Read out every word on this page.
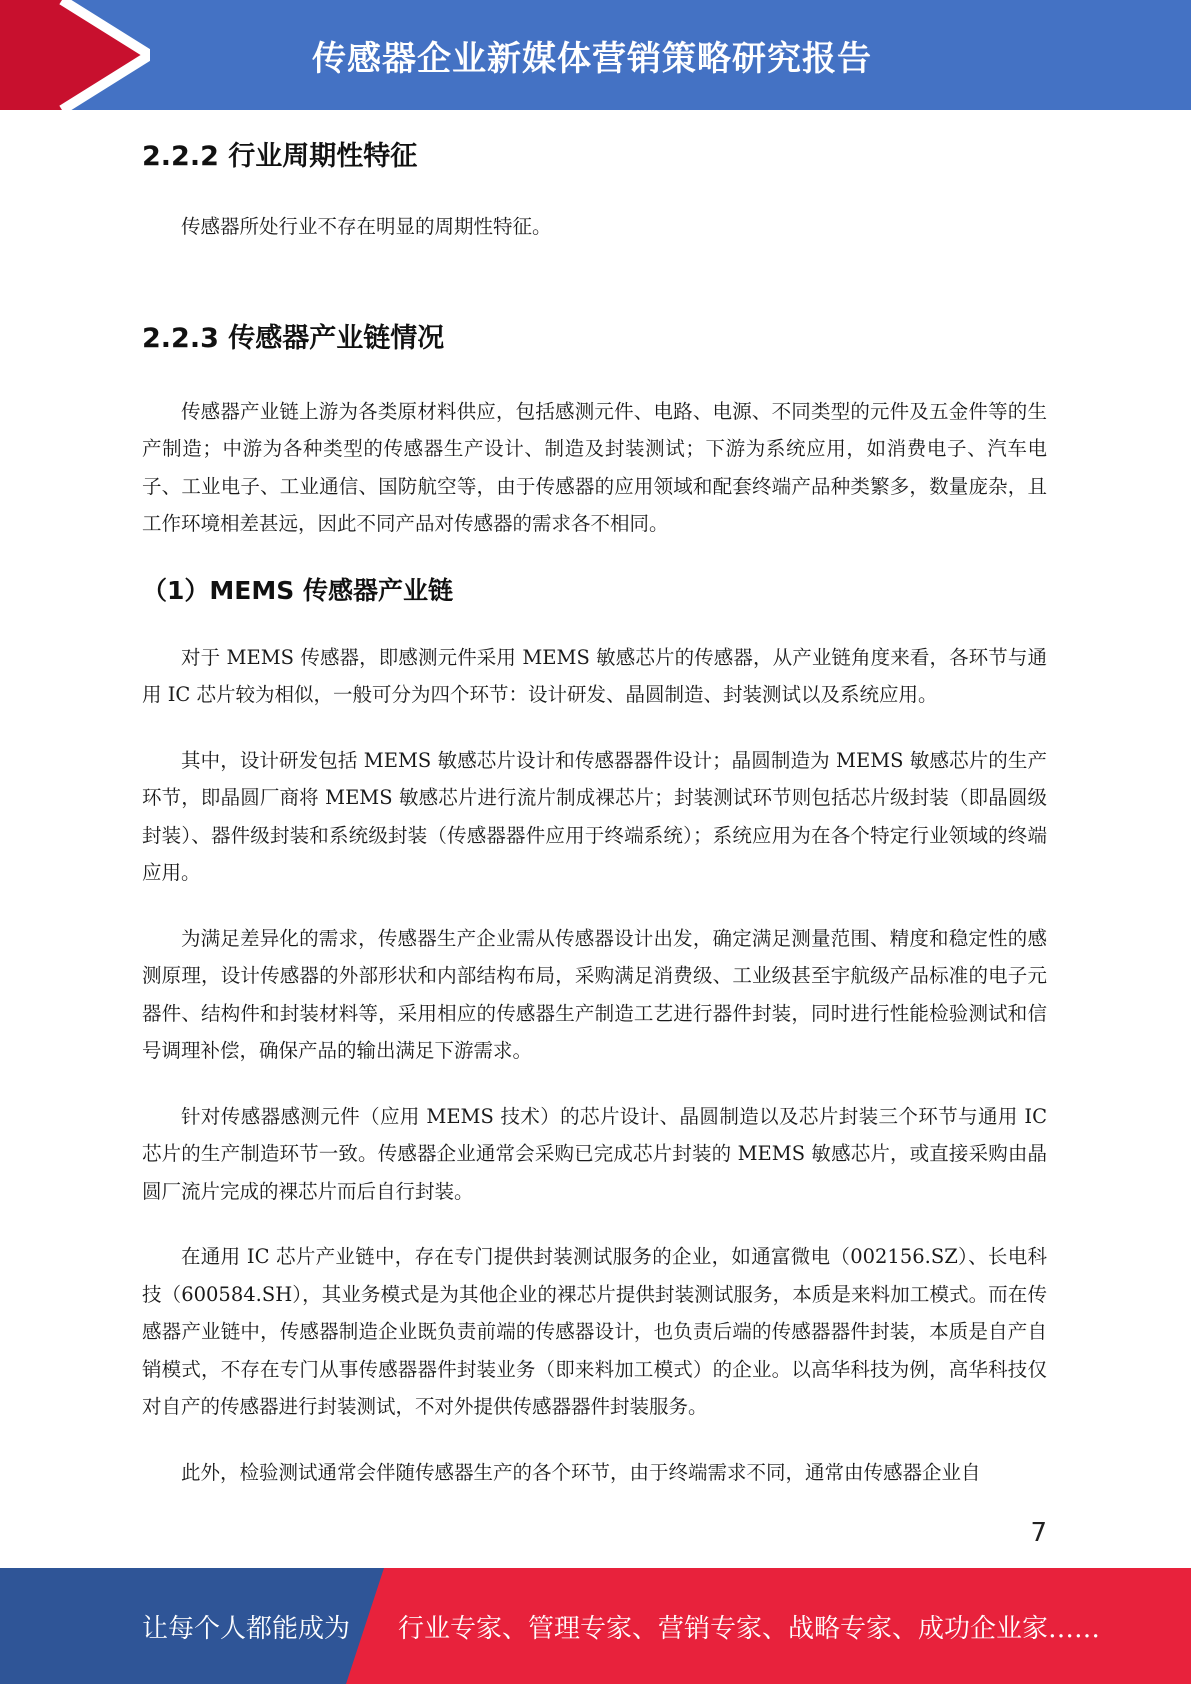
传感器企业新媒体营销策略研究报告
2.2.2 行业周期性特征

传感器所处行业不存在明显的周期性特征。

2.2.3 传感器产业链情况

传感器产业链上游为各类原材料供应，包括感测元件、电路、电源、不同类型的元件及五金件等的生产制造；中游为各种类型的传感器生产设计、制造及封装测试；下游为系统应用，如消费电子、汽车电子、工业电子、工业通信、国防航空等，由于传感器的应用领域和配套终端产品种类繁多，数量庞杂，且工作环境相差甚远，因此不同产品对传感器的需求各不相同。

（1）MEMS 传感器产业链

对于 MEMS 传感器，即感测元件采用 MEMS 敏感芯片的传感器，从产业链角度来看，各环节与通用 IC 芯片较为相似，一般可分为四个环节：设计研发、晶圆制造、封装测试以及系统应用。

其中，设计研发包括 MEMS 敏感芯片设计和传感器器件设计；晶圆制造为 MEMS 敏感芯片的生产环节，即晶圆厂商将 MEMS 敏感芯片进行流片制成裸芯片；封装测试环节则包括芯片级封装（即晶圆级封装）、器件级封装和系统级封装（传感器器件应用于终端系统）；系统应用为在各个特定行业领域的终端应用。

为满足差异化的需求，传感器生产企业需从传感器设计出发，确定满足测量范围、精度和稳定性的感测原理，设计传感器的外部形状和内部结构布局，采购满足消费级、工业级甚至宇航级产品标准的电子元器件、结构件和封装材料等，采用相应的传感器生产制造工艺进行器件封装，同时进行性能检验测试和信号调理补偿，确保产品的输出满足下游需求。

针对传感器感测元件（应用 MEMS 技术）的芯片设计、晶圆制造以及芯片封装三个环节与通用 IC 芯片的生产制造环节一致。传感器企业通常会采购已完成芯片封装的 MEMS 敏感芯片，或直接采购由晶圆厂流片完成的裸芯片而后自行封装。

在通用 IC 芯片产业链中，存在专门提供封装测试服务的企业，如通富微电（002156.SZ）、长电科技（600584.SH），其业务模式是为其他企业的裸芯片提供封装测试服务，本质是来料加工模式。而在传感器产业链中，传感器制造企业既负责前端的传感器设计，也负责后端的传感器器件封装，本质是自产自销模式，不存在专门从事传感器器件封装业务（即来料加工模式）的企业。以高华科技为例，高华科技仅对自产的传感器进行封装测试，不对外提供传感器器件封装服务。

此外，检验测试通常会伴随传感器生产的各个环节，由于终端需求不同，通常由传感器企业自

7
让每个人都能成为 行业专家、管理专家、营销专家、战略专家、成功企业家……
